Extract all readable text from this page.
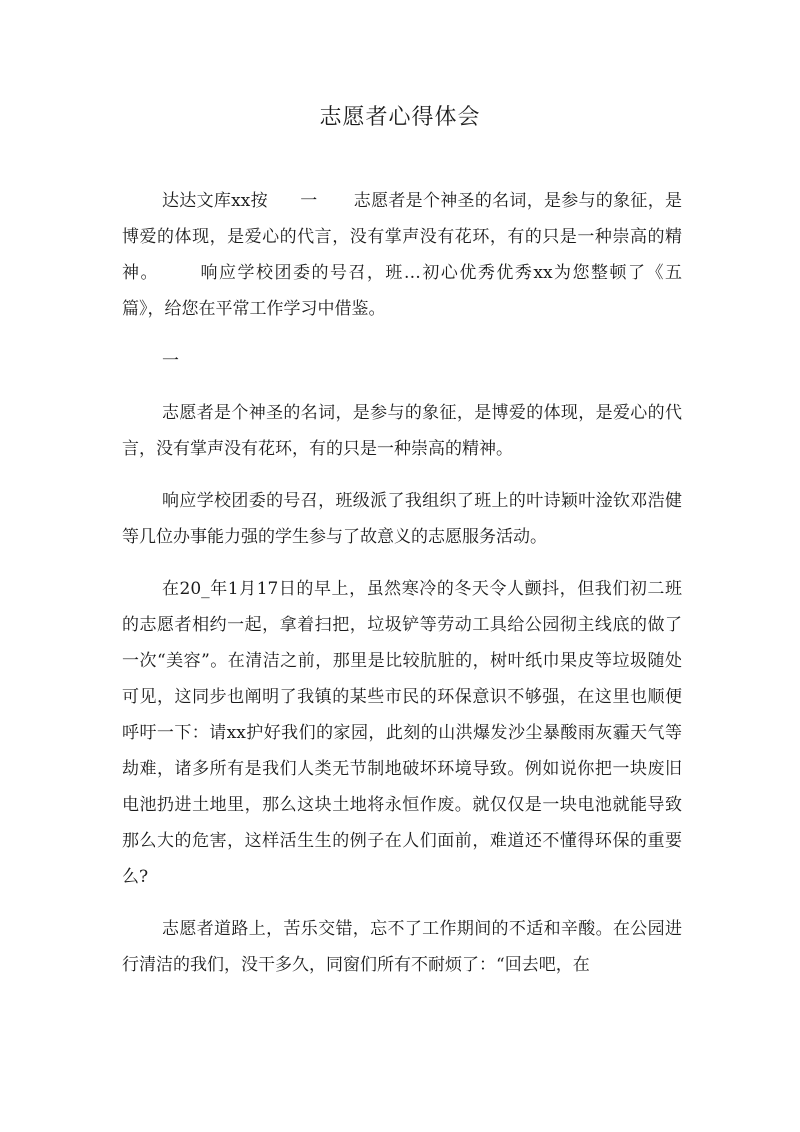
志愿者心得体会

达达文库xx按 一 志愿者是个神圣的名词，是参与的象征，是博爱的体现，是爱心的代言，没有掌声没有花环，有的只是一种崇高的精神。 响应学校团委的号召，班…初心优秀优秀xx为您整顿了《五篇》，给您在平常工作学习中借鉴。

一

志愿者是个神圣的名词，是参与的象征，是博爱的体现，是爱心的代言，没有掌声没有花环，有的只是一种崇高的精神。

响应学校团委的号召，班级派了我组织了班上的叶诗颖叶淦钦邓浩健等几位办事能力强的学生参与了故意义的志愿服务活动。

在20_年1月17日的早上，虽然寒冷的冬天令人颤抖，但我们初二班的志愿者相约一起，拿着扫把，垃圾铲等劳动工具给公园彻主线底的做了一次“美容”。在清洁之前，那里是比较肮脏的，树叶纸巾果皮等垃圾随处可见，这同步也阐明了我镇的某些市民的环保意识不够强，在这里也顺便呼吁一下：请xx护好我们的家园，此刻的山洪爆发沙尘暴酸雨灰霾天气等劫难，诸多所有是我们人类无节制地破坏环境导致。例如说你把一块废旧电池扔进土地里，那么这块土地将永恒作废。就仅仅是一块电池就能导致那么大的危害，这样活生生的例子在人们面前，难道还不懂得环保的重要么?

志愿者道路上，苦乐交错，忘不了工作期间的不适和辛酸。在公园进行清洁的我们，没干多久，同窗们所有不耐烦了：“回去吧，在
